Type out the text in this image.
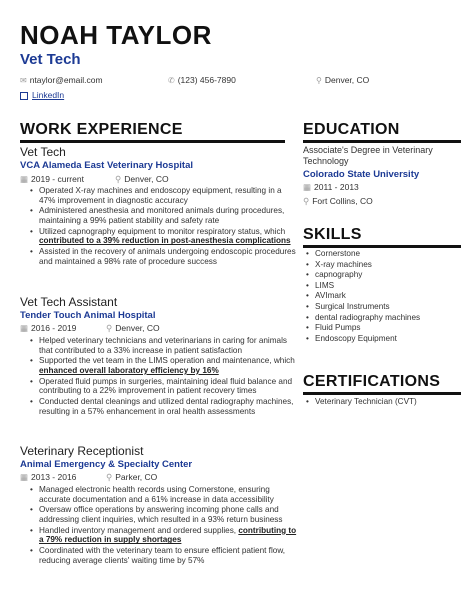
NOAH TAYLOR
Vet Tech
✉ ntaylor@email.com	✆ (123) 456-7890	⚲ Denver, CO
LinkedIn
WORK EXPERIENCE
Vet Tech
VCA Alameda East Veterinary Hospital
▦ 2019 - current	⚲ Denver, CO
• Operated X-ray machines and endoscopy equipment, resulting in a 47% improvement in diagnostic accuracy
• Administered anesthesia and monitored animals during procedures, maintaining a 99% patient stability and safety rate
• Utilized capnography equipment to monitor respiratory status, which contributed to a 39% reduction in post-anesthesia complications
• Assisted in the recovery of animals undergoing endoscopic procedures and maintained a 98% rate of procedure success
Vet Tech Assistant
Tender Touch Animal Hospital
▦ 2016 - 2019	⚲ Denver, CO
• Helped veterinary technicians and veterinarians in caring for animals that contributed to a 33% increase in patient satisfaction
• Supported the vet team in the LIMS operation and maintenance, which enhanced overall laboratory efficiency by 16%
• Operated fluid pumps in surgeries, maintaining ideal fluid balance and contributing to a 22% improvement in patient recovery times
• Conducted dental cleanings and utilized dental radiography machines, resulting in a 57% enhancement in oral health assessments
Veterinary Receptionist
Animal Emergency & Specialty Center
▦ 2013 - 2016	⚲ Parker, CO
• Managed electronic health records using Cornerstone, ensuring accurate documentation and a 61% increase in data accessibility
• Oversaw office operations by answering incoming phone calls and addressing client inquiries, which resulted in a 93% return business
• Handled inventory management and ordered supplies, contributing to a 79% reduction in supply shortages
• Coordinated with the veterinary team to ensure efficient patient flow, reducing average clients' waiting time by 57%
EDUCATION
Associate's Degree in Veterinary Technology
Colorado State University
▦ 2011 - 2013
⚲ Fort Collins, CO
SKILLS
• Cornerstone
• X-ray machines
• capnography
• LIMS
• AVImark
• Surgical Instruments
• dental radiography machines
• Fluid Pumps
• Endoscopy Equipment
CERTIFICATIONS
• Veterinary Technician (CVT)
